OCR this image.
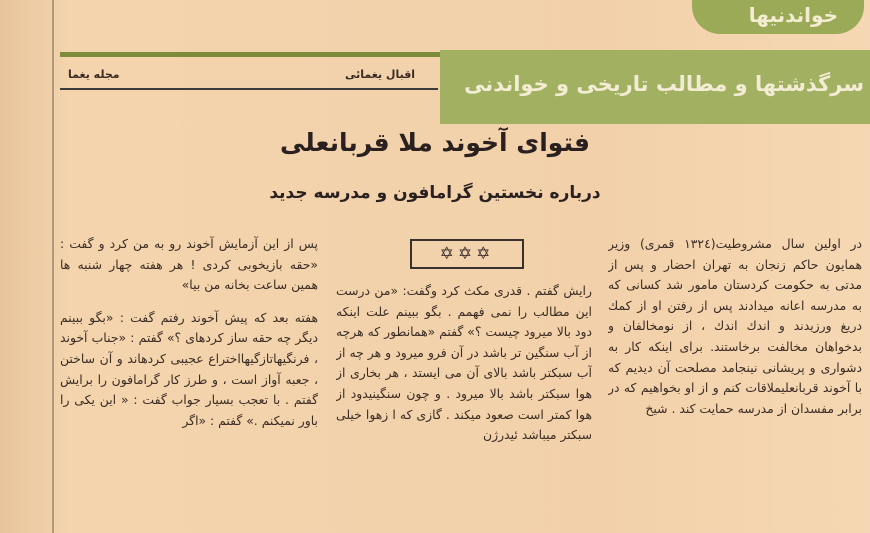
خواندنیها
سرگذشتها و مطالب تاریخی و خواندنی
مجله یغما	اقبال یغمائی
فتوای آخوند ملا قربانعلی
درباره نخستین گرامافون و مدرسه جدید
✡✡✡

در اولین سال مشروطیت(١٣٢٤ قمری) وزیر همایون حاکم زنجان به تهران احضار و پس از مدتی به حکومت کردستان مامور شد کسانی که به مدرسه اعانه میدادند پس از رفتن او از کمك دریغ ورزیدند و اندك اندك ، از نومخالفان و بدخواهان مخالفت برخاستند. برای اینکه کار به دشواری و پریشانی نینجامد مصلحت آن دیدیم که با آخوند قربانعلیملاقات کنم و از او بخواهیم که در برابر مفسدان از مدرسه حمایت کند . شیخ

رایش گفتم . قدری مکث کرد وگفت: «من درست این مطالب را نمی فهمم . بگو ببینم علت اینکه دود بالا میرود چیست ؟» گفتم «همانطور که هرچه از آب سنگین تر باشد در آن فرو میرود و هر چه از آب سبکتر باشد بالای آن می ایستد ، هر بخاری از هوا سبکتر باشد بالا میرود . و چون سنگینیدود از هوا کمتر است صعود میکند . گازی که ا زهوا خیلی سبکتر میباشد ئیدرژن

پس از این آزمایش آخوند رو به من کرد و گفت : «حقه بازیخوبی کردی ! هر هفته چهار شنبه ها همین ساعت بخانه من بیا»

هفته بعد که پیش آخوند رفتم گفت : «بگو ببینم دیگر چه حقه ساز کردهای ؟» گفتم : «جناب آخوند ، فرنگیهاتازگیهااختراع عجیبی کردهاند و آن ساختن ، جعبه آواز است ، و طرز کار گرامافون را برایش گفتم . با تعجب بسیار جواب گفت : « این یکی را باور نمیکنم .» گفتم : «اگر
